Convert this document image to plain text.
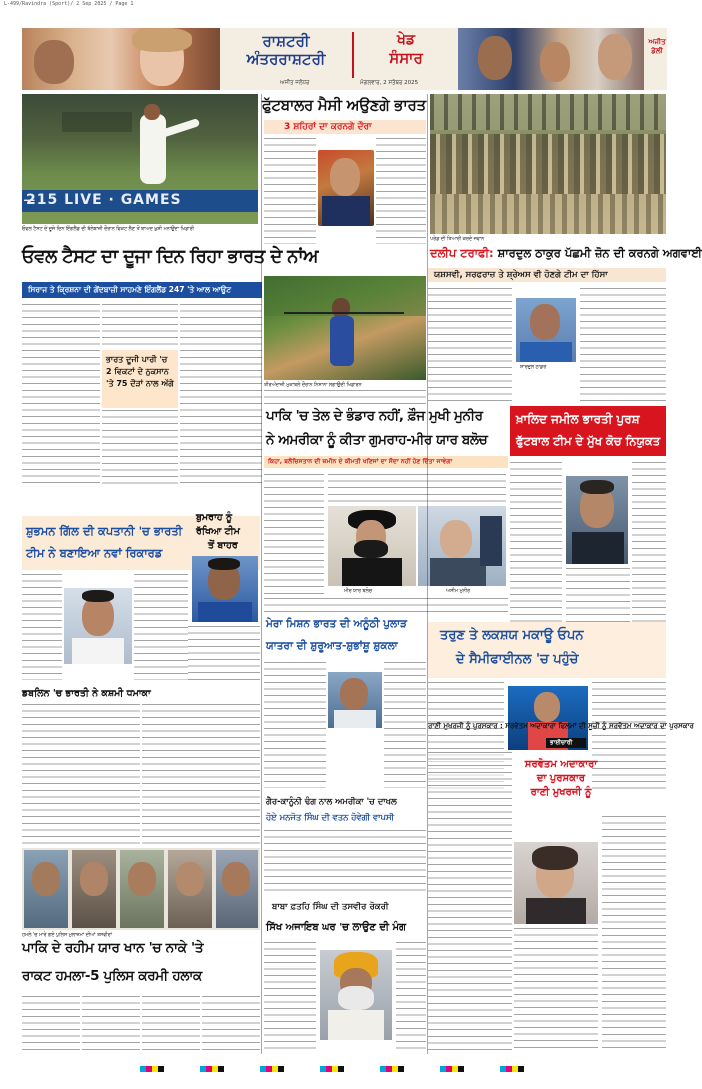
L-499/Ravindra (Sport)/ 2 Sep 2025 / Page 1
ਰਾਸ਼ਟਰੀ
ਅੰਤਰਰਾਸ਼ਟਰੀ
ਖੇਡ
ਸੰਸਾਰ
ਅਜੀਤ ਜਲੰਧਰ	ਮੰਗਲਵਾਰ, 2 ਸਤੰਬਰ 2025
ਅਜੀਤ
ਡੇਲੀ
2̶15 LIVE · GAMES
ਓਵਲ ਟੈਸਟ ਦੇ ਦੂਜੇ ਦਿਨ ਇੰਗਲੈਂਡ ਦੀ ਬੱਲੇਬਾਜ਼ੀ ਦੌਰਾਨ ਵਿਕਟ ਲੈਣ ਤੋਂ ਬਾਅਦ ਖ਼ੁਸ਼ੀ ਮਨਾਉਂਦਾ ਖਿਡਾਰੀ
ਫੁੱਟਬਾਲਰ ਮੈਸੀ ਅਉਣਗੇ ਭਾਰਤ
3 ਸ਼ਹਿਰਾਂ ਦਾ ਕਰਨਗੇ ਦੌਰਾ
ਪਰੇਡ ਦੀ ਤਿਆਰੀ ਕਰਦੇ ਜਵਾਨ
ਦਲੀਪ ਟਰਾਫੀ: ਸ਼ਾਰਦੁਲ ਠਾਕੁਰ ਪੱਛਮੀ ਜ਼ੋਨ ਦੀ ਕਰਨਗੇ ਅਗਵਾਈ
ਯਸ਼ਸਵੀ, ਸਰਫਰਾਜ਼ ਤੇ ਸ਼੍ਰੇਅਸ ਵੀ ਹੋਣਗੇ ਟੀਮ ਦਾ ਹਿੱਸਾ
ਸ਼ਾਰਦੁਲ ਠਾਕੁਰ
ਓਵਲ ਟੈਸਟ ਦਾ ਦੂਜਾ ਦਿਨ ਰਿਹਾ ਭਾਰਤ ਦੇ ਨਾਂਅ
ਸਿਰਾਜ ਤੇ ਕ੍ਰਿਸ਼ਨਾ ਦੀ ਗੇਂਦਬਾਜ਼ੀ ਸਾਹਮਣੇ ਇੰਗਲੈਂਡ 247 'ਤੇ ਆਲ ਆਊਟ
ਭਾਰਤ ਦੂਜੀ ਪਾਰੀ 'ਚ 2 ਵਿਕਟਾਂ ਦੇ ਨੁਕਸਾਨ 'ਤੇ 75 ਦੌੜਾਂ ਨਾਲ ਅੱਗੇ	ਤੀਰਅੰਦਾਜ਼ੀ ਮੁਕਾਬਲੇ ਦੌਰਾਨ ਨਿਸ਼ਾਨਾ ਲਗਾਉਂਦੀ ਖਿਡਾਰਨ
ਪਾਕਿ 'ਚ ਤੇਲ ਦੇ ਭੰਡਾਰ ਨਹੀਂ, ਫ਼ੌਜ ਮੁਖੀ ਮੁਨੀਰ
ਨੇ ਅਮਰੀਕਾ ਨੂੰ ਕੀਤਾ ਗੁਮਰਾਹ-ਮੀਰ ਯਾਰ ਬਲੋਚ
ਕਿਹਾ, ਬਲੋਚਿਸਤਾਨ ਦੀ ਜ਼ਮੀਨ ਦੇ ਕੀਮਤੀ ਖਣਿਜਾਂ ਦਾ ਸੌਦਾ ਨਹੀਂ ਹੋਣ ਦਿੱਤਾ ਜਾਵੇਗਾ
ਮੀਰ ਯਾਰ ਬਲੋਚ	ਅਸੀਮ ਮੁਨੀਰ
ਖ਼ਾਲਿਦ ਜਮੀਲ ਭਾਰਤੀ ਪੁਰਸ਼
ਫੁੱਟਬਾਲ ਟੀਮ ਦੇ ਮੁੱਖ ਕੋਚ ਨਿਯੁਕਤ
ਸ਼ੁਭਮਨ ਗਿੱਲ ਦੀ ਕਪਤਾਨੀ 'ਚ ਭਾਰਤੀ
ਟੀਮ ਨੇ ਬਣਾਇਆ ਨਵਾਂ ਰਿਕਾਰਡ
ਬੁਮਰਾਹ ਨੂੰ
ਰੱਖਿਆ ਟੀਮ
ਤੋਂ ਬਾਹਰ
ਮੇਰਾ ਮਿਸ਼ਨ ਭਾਰਤ ਦੀ ਅਨੂੰਠੀ ਪੁਲਾੜ
ਯਾਤਰਾ ਦੀ ਸ਼ੁਰੂਆਤ-ਸ਼ੁਭਾਂਸ਼ੂ ਸ਼ੁਕਲਾ
ਤਰੁਣ ਤੇ ਲਕਸ਼ਯ ਮਕਾਊ ਓਪਨ
ਦੇ ਸੈਮੀਫਾਈਨਲ 'ਚ ਪਹੁੰਚੇ
ਰਾਣੀ ਮੁਖਰਜੀ ਨੂੰ ਪੁਰਸਕਾਰ : ਸਰਵੋਤਮ ਅਦਾਕਾਰਾ ਫਿਲਮਾਂ ਦੀ ਸੂਚੀ ਨੂੰ ਸਰਵੋਤਮ ਅਦਾਕਾਰ ਦਾ ਪੁਰਸਕਾਰ
ਭਾਈਚਾਰੀ
ਸਰਵੋਤਮ ਅਦਾਕਾਰਾ
ਦਾ ਪੁਰਸਕਾਰ
ਰਾਣੀ ਮੁਖਰਜੀ ਨੂੰ
ਡਬਲਿਨ 'ਚ ਭਾਰਤੀ ਨੇ ਕਸ਼ਮੀ ਧਮਾਕਾ
ਗੈਰ-ਕਾਨੂੰਨੀ ਢੰਗ ਨਾਲ ਅਮਰੀਕਾ 'ਚ ਦਾਖਲ
ਹੋਏ ਮਨਜੋਤ ਸਿੰਘ ਦੀ ਵਤਨ ਹੋਵੇਗੀ ਵਾਪਸੀ
ਹਮਲੇ 'ਚ ਮਾਰੇ ਗਏ ਪੁਲਿਸ ਮੁਲਾਜ਼ਮਾਂ ਦੀਆਂ ਤਸਵੀਰਾਂ
ਬਾਬਾ ਫ਼ਤਹਿ ਸਿੰਘ ਦੀ ਤਸਵੀਰ ਰੋਕਰੀ
ਸਿੱਖ ਅਜਾਇਬ ਘਰ 'ਚ ਲਾਉਣ ਦੀ ਮੰਗ
ਪਾਕਿ ਦੇ ਰਹੀਮ ਯਾਰ ਖਾਨ 'ਚ ਨਾਕੇ 'ਤੇ
ਰਾਕਟ ਹਮਲਾ-5 ਪੁਲਿਸ ਕਰਮੀ ਹਲਾਕ
